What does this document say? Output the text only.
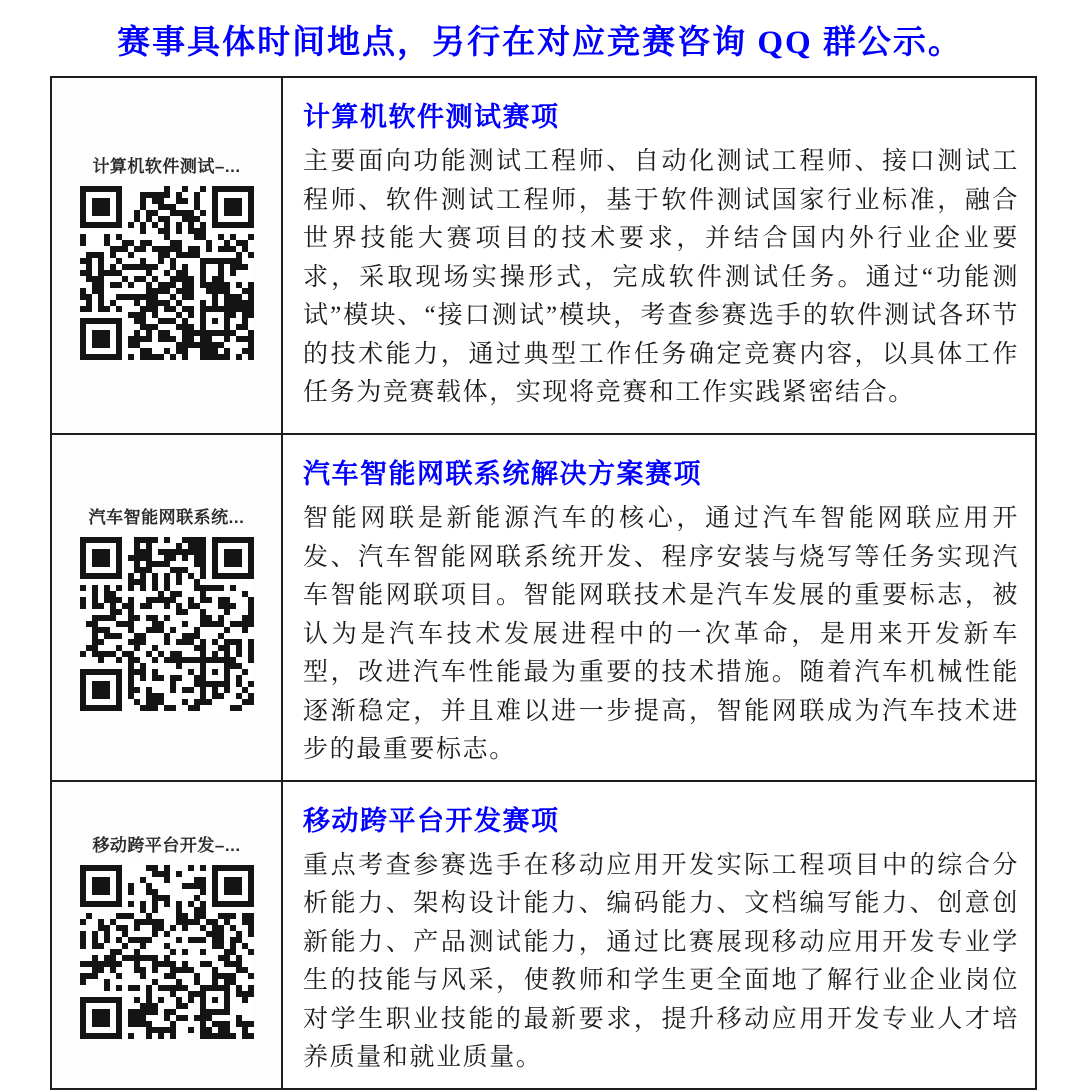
赛事具体时间地点，另行在对应竞赛咨询 QQ 群公示。
计算机软件测试–...
计算机软件测试赛项

主要面向功能测试工程师、自动化测试工程师、接口测试工程师、软件测试工程师，基于软件测试国家行业标准，融合世界技能大赛项目的技术要求，并结合国内外行业企业要求，采取现场实操形式，完成软件测试任务。通过“功能测试”模块、“接口测试”模块，考查参赛选手的软件测试各环节的技术能力，通过典型工作任务确定竞赛内容，以具体工作任务为竞赛载体，实现将竞赛和工作实践紧密结合。

汽车智能网联系统...
汽车智能网联系统解决方案赛项

智能网联是新能源汽车的核心，通过汽车智能网联应用开发、汽车智能网联系统开发、程序安装与烧写等任务实现汽车智能网联项目。智能网联技术是汽车发展的重要标志，被认为是汽车技术发展进程中的一次革命，是用来开发新车型，改进汽车性能最为重要的技术措施。随着汽车机械性能逐渐稳定，并且难以进一步提高，智能网联成为汽车技术进步的最重要标志。

移动跨平台开发–...
移动跨平台开发赛项

重点考查参赛选手在移动应用开发实际工程项目中的综合分析能力、架构设计能力、编码能力、文档编写能力、创意创新能力、产品测试能力，通过比赛展现移动应用开发专业学生的技能与风采，使教师和学生更全面地了解行业企业岗位对学生职业技能的最新要求，提升移动应用开发专业人才培养质量和就业质量。
